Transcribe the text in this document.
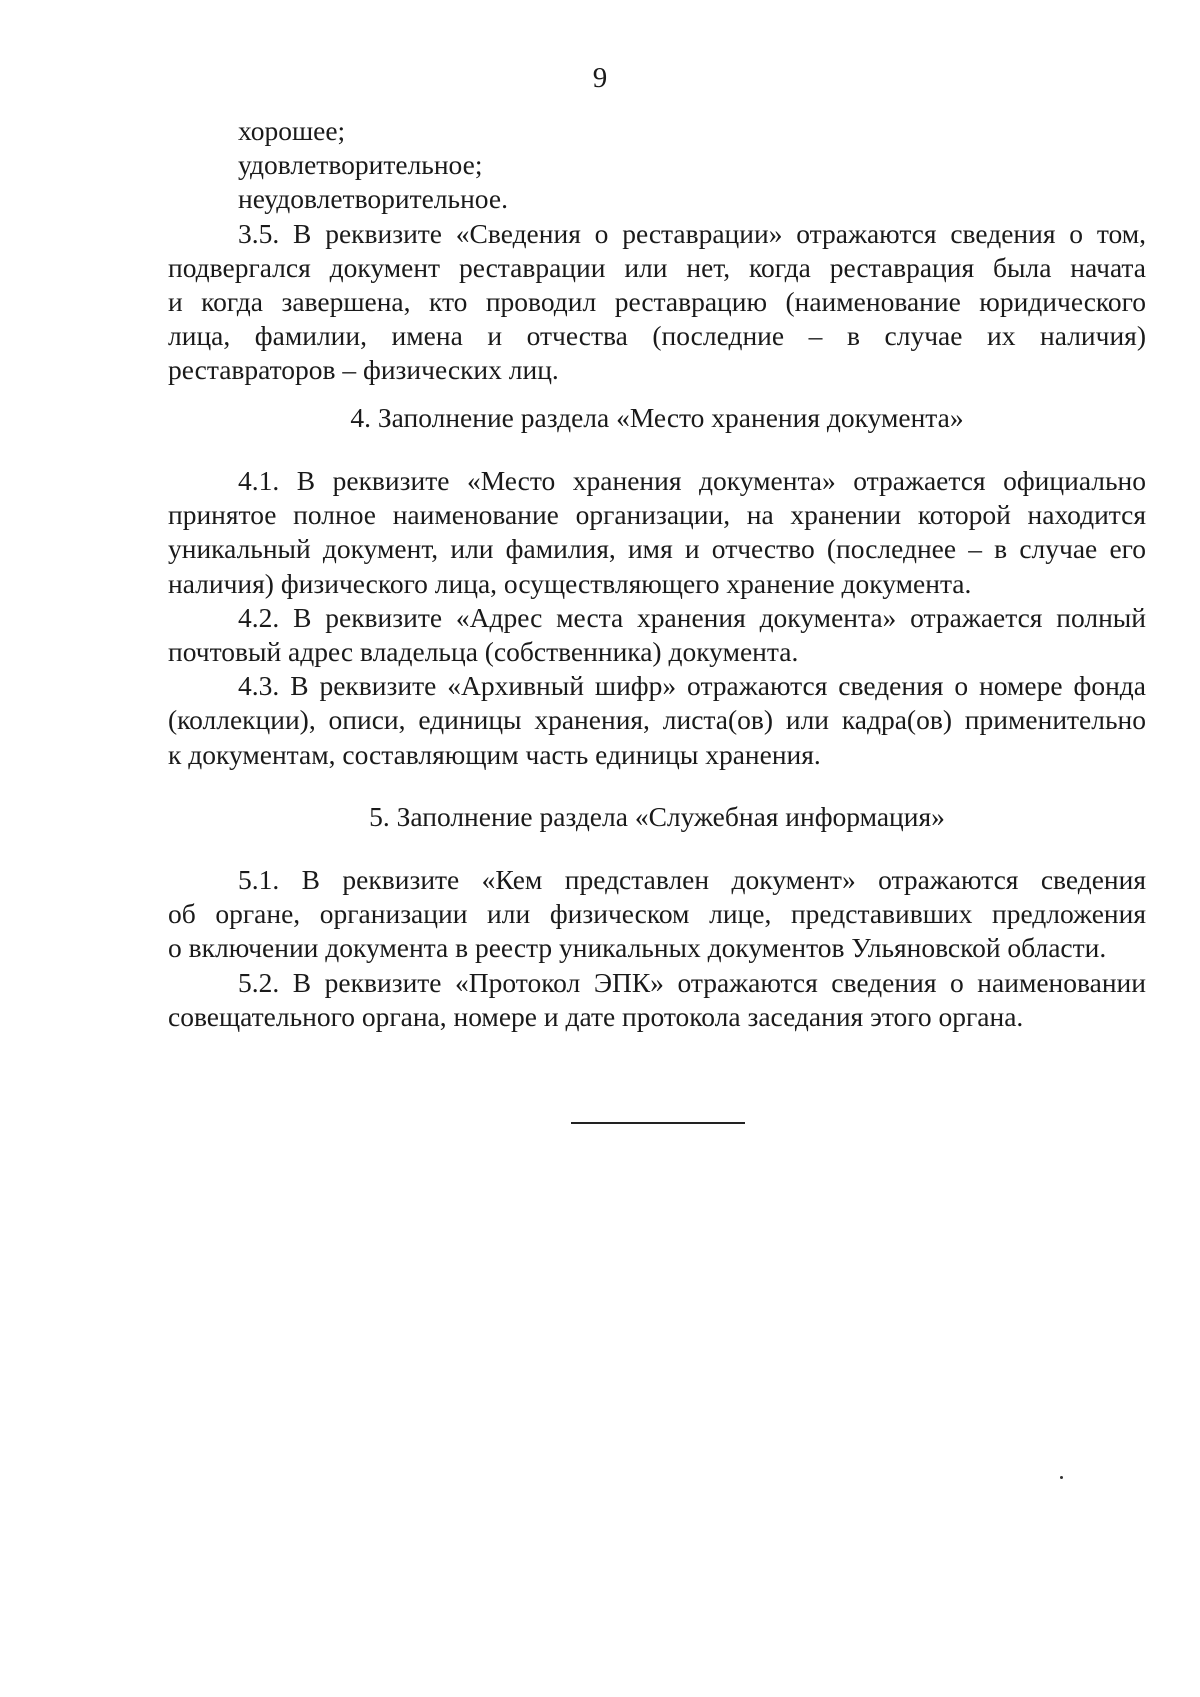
9
хорошее;
удовлетворительное;
неудовлетворительное.
3.5. В реквизите «Сведения о реставрации» отражаются сведения о том,
подвергался документ реставрации или нет, когда реставрация была начата
и когда завершена, кто проводил реставрацию (наименование юридического
лица, фамилии, имена и отчества (последние – в случае их наличия)
реставраторов – физических лиц.
4. Заполнение раздела «Место хранения документа»
4.1. В реквизите «Место хранения документа» отражается официально
принятое полное наименование организации, на хранении которой находится
уникальный документ, или фамилия, имя и отчество (последнее – в случае его
наличия) физического лица, осуществляющего хранение документа.
4.2. В реквизите «Адрес места хранения документа» отражается полный
почтовый адрес владельца (собственника) документа.
4.3. В реквизите «Архивный шифр» отражаются сведения о номере фонда
(коллекции), описи, единицы хранения, листа(ов) или кадра(ов) применительно
к документам, составляющим часть единицы хранения.
5. Заполнение раздела «Служебная информация»
5.1. В реквизите «Кем представлен документ» отражаются сведения
об органе, организации или физическом лице, представивших предложения
о включении документа в реестр уникальных документов Ульяновской области.
5.2. В реквизите «Протокол ЭПК» отражаются сведения о наименовании
совещательного органа, номере и дате протокола заседания этого органа.
